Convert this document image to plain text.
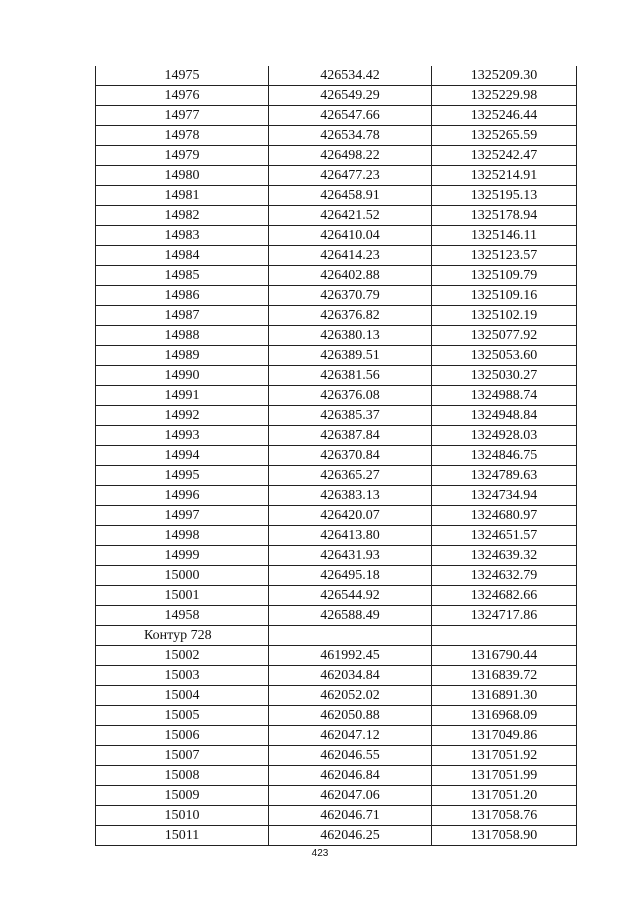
14975	426534.42	1325209.30
14976	426549.29	1325229.98
14977	426547.66	1325246.44
14978	426534.78	1325265.59
14979	426498.22	1325242.47
14980	426477.23	1325214.91
14981	426458.91	1325195.13
14982	426421.52	1325178.94
14983	426410.04	1325146.11
14984	426414.23	1325123.57
14985	426402.88	1325109.79
14986	426370.79	1325109.16
14987	426376.82	1325102.19
14988	426380.13	1325077.92
14989	426389.51	1325053.60
14990	426381.56	1325030.27
14991	426376.08	1324988.74
14992	426385.37	1324948.84
14993	426387.84	1324928.03
14994	426370.84	1324846.75
14995	426365.27	1324789.63
14996	426383.13	1324734.94
14997	426420.07	1324680.97
14998	426413.80	1324651.57
14999	426431.93	1324639.32
15000	426495.18	1324632.79
15001	426544.92	1324682.66
14958	426588.49	1324717.86
Контур 728		
15002	461992.45	1316790.44
15003	462034.84	1316839.72
15004	462052.02	1316891.30
15005	462050.88	1316968.09
15006	462047.12	1317049.86
15007	462046.55	1317051.92
15008	462046.84	1317051.99
15009	462047.06	1317051.20
15010	462046.71	1317058.76
15011	462046.25	1317058.90
423
